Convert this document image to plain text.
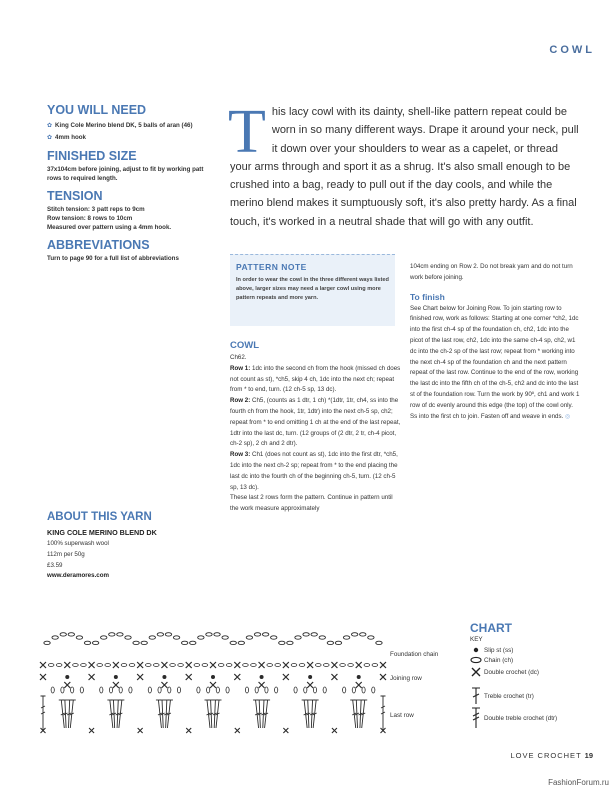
COWL
YOU WILL NEED
✿ King Cole Merino blend DK, 5 balls of aran (46)
✿ 4mm hook
FINISHED SIZE
37x104cm before joining, adjust to fit by working patt rows to required length.
TENSION
Stitch tension: 3 patt reps to 9cm
Row tension: 8 rows to 10cm
Measured over pattern using a 4mm hook.
ABBREVIATIONS
Turn to page 90 for a full list of abbreviations
This lacy cowl with its dainty, shell-like pattern repeat could be worn in so many different ways. Drape it around your neck, pull it down over your shoulders to wear as a capelet, or thread your arms through and sport it as a shrug. It's also small enough to be crushed into a bag, ready to pull out if the day cools, and while the merino blend makes it sumptuously soft, it's also pretty hardy. As a final touch, it's worked in a neutral shade that will go with any outfit.
PATTERN NOTE
In order to wear the cowl in the three different ways listed above, larger sizes may need a larger cowl using more pattern repeats and more yarn.
COWL
Ch62.
Row 1: 1dc into the second ch from the hook (missed ch does not count as st), *ch5, skip 4 ch, 1dc into the next ch; repeat from * to end, turn. (12 ch-5 sp, 13 dc).
Row 2: Ch5, (counts as 1 dtr, 1 ch) *(1dtr, 1tr, ch4, ss into the fourth ch from the hook, 1tr, 1dtr) into the next ch-5 sp, ch2; repeat from * to end omitting 1 ch at the end of the last repeat, 1dtr into the last dc, turn. (12 groups of (2 dtr, 2 tr, ch-4 picot, ch-2 sp), 2 ch and 2 dtr).
Row 3: Ch1 (does not count as st), 1dc into the first dtr, *ch5, 1dc into the next ch-2 sp; repeat from * to the end placing the last dc into the fourth ch of the beginning ch-5, turn. (12 ch-5 sp, 13 dc).
These last 2 rows form the pattern. Continue in pattern until the work measure approximately
104cm ending on Row 2. Do not break yarn and do not turn work before joining.
To finish
See Chart below for Joining Row. To join starting row to finished row, work as follows: Starting at one corner *ch2, 1dc into the first ch-4 sp of the foundation ch, ch2, 1dc into the picot of the last row, ch2, 1dc into the same ch-4 sp, ch2, w1 dc into the ch-2 sp of the last row; repeat from * working into the next ch-4 sp of the foundation ch and the next pattern repeat of the last row. Continue to the end of the row, working the last dc into the fifth ch of the ch-5, ch2 and dc into the last st of the foundation row. Turn the work by 90º, ch1 and work 1 row of dc evenly around this edge (the top) of the cowl only. Ss into the first ch to join. Fasten off and weave in ends. ◎
ABOUT THIS YARN
KING COLE MERINO BLEND DK
100% superwash wool
112m per 50g
£3.59
www.deramores.com
CHART
KEY
Slip st (ss)
Chain (ch)
Double crochet (dc)
Treble crochet (tr)
Double treble crochet (dtr)
Foundation chain
Joining row
Last row
LOVE CROCHET 19
FashionForum.ru
